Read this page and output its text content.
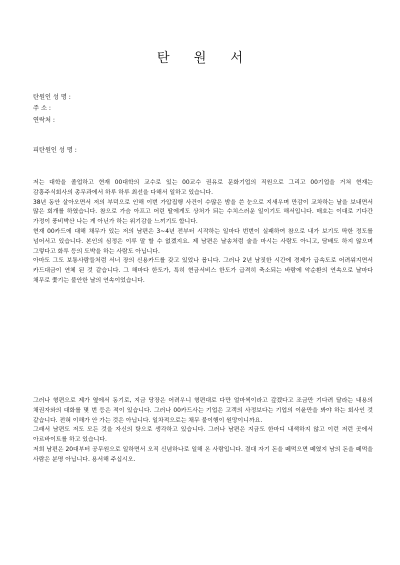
탄 원 서
탄원인 성 명 :
주 소 :
연락처 :
피탄원인 성 명 :

저는 대학을 졸업하고 현재 00대학의 교수로 있는 00교수 권유로 문화기업의 직원으로 그리고 00기업을 거쳐 현재는 감흥주식회사의 총무과에서 하루 하루 최선을 다해서 일하고 있습니다.

38년 동안 살아오면서 저의 부덕으로 인해 이번 가압집행 사건이 수많은 밤을 쓴 눈으로 지새우며 만감이 교차하는 날을 보내면서 많은 회개를 하였습니다. 참으로 가슴 아프고 어린 딸에게도 상처가 되는 수치스러운 일이기도 해서입니다. 매호는 이대로 기다간 가정이 풍비박산 나는 게 아닌가 하는 위기감을 느끼기도 합니다.

현재 00카드에 대해 채무가 있는 저의 남편은 3~4년 전부터 시작하는 일마다 번번이 실패하여 참으로 내가 보기도 딱한 정도를 넘어서고 있습니다. 본인의 심정은 이루 말 할 수 없겠지요. 제 남편은 날송처럼 술을 마시는 사람도 아니고, 담배도 하지 않으며 그렇다고 화투 등의 도박을 하는 사람도 아닙니다.

아마도 그도 보통사람들처럼 서너 장의 신용카드를 갖고 있었나 봅니다. 그러나 2년 남짓한 시간에 경제가 급속도로 어려워지면서 카드대금이 연체 된 것 같습니다. 그 해마다 한도가, 특히 현금서비스 한도가 급격히 축소되는 바람에 악순환의 연속으로 날마다 채무로 쫓기는 불안한 날의 연속이었습니다.

그러나 형편으로 제가 옆에서 동기로, 지금 당장은 어려우니 형편대로 다만 얼마씩이라고 갚겠다고 조금만 기다려 달라는 내용의 채권자와의 대화를 몇 번 등은 적이 있습니다. 그러나 00카드사는 기업은 고객의 사정보다는 기업의 이윤만을 봐야 하는 회사인 것 같습니다. 전혀 이해가 안 가는 것은 아닙니다. 일차적으로는 채무 불이행이 원망이니까요.

그래서 남편도 저도 모든 것을 자신의 탓으로 생각하고 있습니다. 그러나 남편은 지금도 한마디 내색하지 않고 이런 저런 곳에서 아르바이트를 하고 있습니다.

저희 남편은 20대부터 공무원으로 일하면서 오직 신념하나로 일해 온 사람입니다. 결대 자기 돈을 떼먹으면 떼였지 남의 돈을 떼먹을 사람은 분명 아닙니다. 용서해 주십시오.
